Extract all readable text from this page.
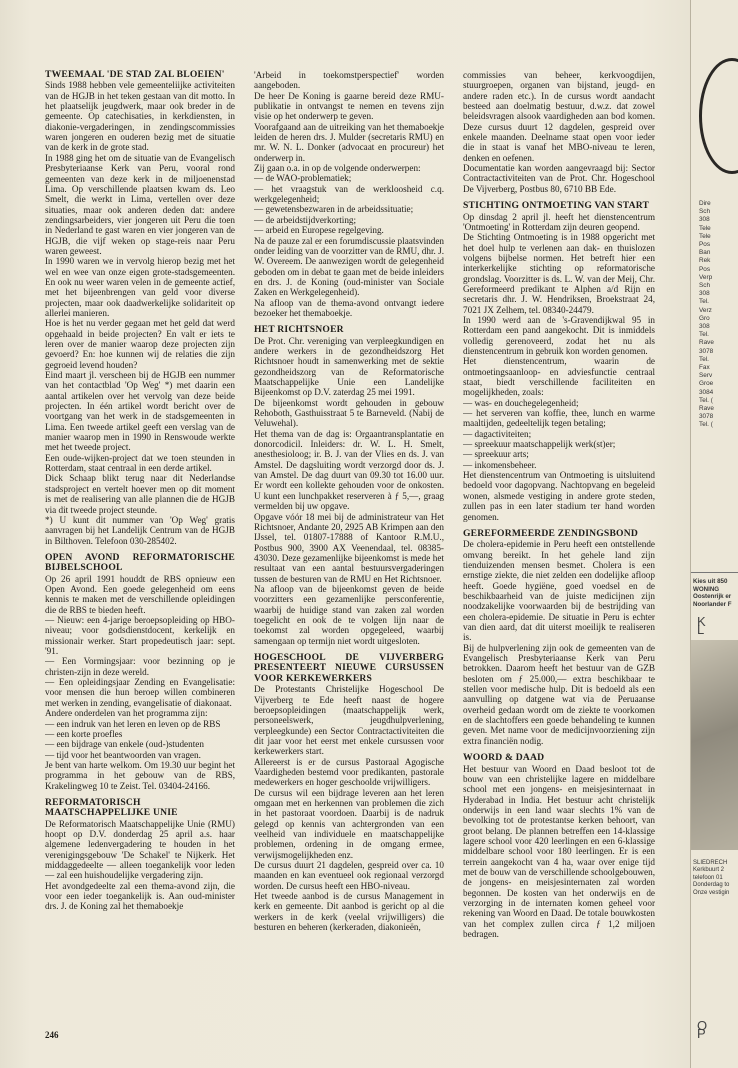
TWEEMAAL 'DE STAD ZAL BLOEIEN'

Sinds 1988 hebben vele gemeenteliijke activiteiten van de HGJB in het teken gestaan van dit motto. In het plaatselijk jeugdwerk, maar ook breder in de gemeente. Op catechisaties, in kerkdiensten, in diakonie-vergaderingen, in zendingscommissies waren jongeren en ouderen bezig met de situatie van de kerk in de grote stad.

In 1988 ging het om de situatie van de Evangelisch Presbyteriaanse Kerk van Peru, vooral rond gemeenten van deze kerk in de miljoenenstad Lima. Op verschillende plaatsen kwam ds. Leo Smelt, die werkt in Lima, vertellen over deze situaties, maar ook anderen deden dat: andere zendingsarbeiders, vier jongeren uit Peru die toen in Nederland te gast waren en vier jongeren van de HGJB, die vijf weken op stage-reis naar Peru waren geweest.

In 1990 waren we in vervolg hierop bezig met het wel en wee van onze eigen grote-stadsgemeenten. En ook nu weer waren velen in de gemeente actief, met het bijeenbrengen van geld voor diverse projecten, maar ook daadwerkelijke solidariteit op allerlei manieren.

Hoe is het nu verder gegaan met het geld dat werd opgehaald in beide projecten? En valt er iets te leren over de manier waarop deze projecten zijn gevoerd? En: hoe kunnen wij de relaties die zijn gegroeid levend houden?

Eind maart jl. verscheen bij de HGJB een nummer van het contactblad 'Op Weg' *) met daarin een aantal artikelen over het vervolg van deze beide projecten. In één artikel wordt bericht over de voortgang van het werk in de stadsgemeenten in Lima. Een tweede artikel geeft een verslag van de manier waarop men in 1990 in Renswoude werkte met het tweede project.

Een oude-wijken-project dat we toen steunden in Rotterdam, staat centraal in een derde artikel.

Dick Schaap blikt terug naar dit Nederlandse stadsproject en vertelt hoever men op dit moment is met de realisering van alle plannen die de HGJB via dit tweede project steunde.

*) U kunt dit nummer van 'Op Weg' gratis aanvragen bij het Landelijk Centrum van de HGJB in Bilthoven. Telefoon 030-285402.

OPEN AVOND REFORMATORISCHE BIJBELSCHOOL

Op 26 april 1991 houddt de RBS opnieuw een Open Avond. Een goede gelegenheid om eens kennis te maken met de verschillende opleidingen die de RBS te bieden heeft.

— Nieuw: een 4-jarige beroepsopleiding op HBO-niveau; voor godsdienstdocent, kerkelijk en missionair werker. Start propedeutisch jaar: sept. '91.

— Een Vormingsjaar: voor bezinning op je christen-zijn in deze wereld.

— Een opleidingsjaar Zending en Evangelisatie: voor mensen die hun beroep willen combineren met werken in zending, evangelisatie of diakonaat.

Andere onderdelen van het programma zijn:

— een indruk van het leren en leven op de RBS

— een korte proefles

— een bijdrage van enkele (oud-)studenten

— tijd voor het beantwoorden van vragen.

Je bent van harte welkom. Om 19.30 uur begint het programma in het gebouw van de RBS, Krakelingweg 10 te Zeist. Tel. 03404-24166.

REFORMATORISCH MAATSCHAPPELIJKE UNIE

De Reformatorisch Maatschappelijke Unie (RMU) hoopt op D.V. donderdag 25 april a.s. haar algemene ledenvergadering te houden in het verenigingsgebouw 'De Schakel' te Nijkerk. Het middaggedeelte — alleen toegankelijk voor leden — zal een huishoudelijke vergadering zijn.

Het avondgedeelte zal een thema-avond zijn, die voor een ieder toegankelijk is. Aan oud-minister drs. J. de Koning zal het themaboekje

'Arbeid in toekomstperspectief' worden aangeboden.

De heer De Koning is gaarne bereid deze RMU-publikatie in ontvangst te nemen en tevens zijn visie op het onderwerp te geven.

Voorafgaand aan de uitreiking van het themaboekje leiden de heren drs. J. Mulder (secretaris RMU) en mr. W. N. L. Donker (advocaat en procureur) het onderwerp in.

Zij gaan o.a. in op de volgende onderwerpen:

— de WAO-problematiek;

— het vraagstuk van de werkloosheid c.q. werkgelegenheid;

— gewetensbezwaren in de arbeidssituatie;

— de arbeidstijdverkorting;

— arbeid en Europese regelgeving.

Na de pauze zal er een forumdiscussie plaatsvinden onder leiding van de voorzitter van de RMU, dhr. J. W. Overeem. De aanwezigen wordt de gelegenheid geboden om in debat te gaan met de beide inleiders en drs. J. de Koning (oud-minister van Sociale Zaken en Werkgelegenheid).

Na afloop van de thema-avond ontvangt iedere bezoeker het themaboekje.

HET RICHTSNOER

De Prot. Chr. vereniging van verpleegkundigen en andere werkers in de gezondheidszorg Het Richtsnoer houdt in samenwerking met de sektie gezondheidszorg van de Reformatorische Maatschappelijke Unie een Landelijke Bijeenkomst op D.V. zaterdag 25 mei 1991.

De bijeenkomst wordt gehouden in gebouw Rehoboth, Gasthuisstraat 5 te Barneveld. (Nabij de Veluwehal).

Het thema van de dag is: Orgaantransplantatie en donorcodicil. Inleiders: dr. W. L. H. Smelt, anesthesioloog; ir. B. J. van der Vlies en ds. J. van Amstel. De dagsluiting wordt verzorgd door ds. J. van Amstel. De dag duurt van 09.30 tot 16.00 uur. Er wordt een kollekte gehouden voor de onkosten. U kunt een lunchpakket reserveren à ƒ 5,—, graag vermelden bij uw opgave.

Opgave vóór 18 mei bij de administrateur van Het Richtsnoer, Andante 20, 2925 AB Krimpen aan den IJssel, tel. 01807-17888 of Kantoor R.M.U., Postbus 900, 3900 AX Veenendaal, tel. 08385-43030. Deze gezamenlijke bijeenkomst is mede het resultaat van een aantal bestuursvergaderingen tussen de besturen van de RMU en Het Richtsnoer.

Na afloop van de bijeenkomst geven de beide voorzitters een gezamenlijke persconferentie, waarbij de huidige stand van zaken zal worden toegelicht en ook de te volgen lijn naar de toekomst zal worden opgegeleed, waarbij samengaan op termijn niet wordt uitgesloten.

HOGESCHOOL DE VIJVERBERG PRESENTEERT NIEUWE CURSUSSEN VOOR KERKEWERKERS

De Protestants Christelijke Hogeschool De Vijverberg te Ede heeft naast de hogere beroepsopleidingen (maatschappelijk werk, personeelswerk, jeugdhulpverlening, verpleegkunde) een Sector Contractactiviteiten die dit jaar voor het eerst met enkele cursussen voor kerkewerkers start.

Allereerst is er de cursus Pastoraal Agogische Vaardigheden bestemd voor predikanten, pastorale medewerkers en hoger geschoolde vrijwilligers.

De cursus wil een bijdrage leveren aan het leren omgaan met en herkennen van problemen die zich in het pastoraat voordoen. Daarbij is de nadruk gelegd op kennis van achtergronden van een veelheid van individuele en maatschappelijke problemen, ordening in de omgang ermee, verwijsmogelijkheden enz.

De cursus duurt 21 dagdelen, gespreid over ca. 10 maanden en kan eventueel ook regionaal verzorgd worden. De cursus heeft een HBO-niveau.

Het tweede aanbod is de cursus Management in kerk en gemeente. Dit aanbod is gericht op al die werkers in de kerk (veelal vrijwilligers) die besturen en beheren (kerkeraden, diakonieën,

commissies van beheer, kerkvoogdijen, stuurgroepen, organen van bijstand, jeugd- en andere raden etc.). In de cursus wordt aandacht besteed aan doelmatig bestuur, d.w.z. dat zowel beleidsvragen alsook vaardigheden aan bod komen. Deze cursus duurt 12 dagdelen, gespreid over enkele maanden. Deelname staat open voor ieder die in staat is vanaf het MBO-niveau te leren, denken en oefenen.

Documentatie kan worden aangevraagd bij: Sector Contractactiviteiten van de Prot. Chr. Hogeschool De Vijverberg, Postbus 80, 6710 BB Ede.

STICHTING ONTMOETING VAN START

Op dinsdag 2 april jl. heeft het dienstencentrum 'Ontmoeting' in Rotterdam zijn deuren geopend.

De Stichting Ontmoeting is in 1988 opgericht met het doel hulp te verlenen aan dak- en thuislozen volgens bijbelse normen. Het betreft hier een interkerkelijke stichting op reformatorische grondslag. Voorzitter is ds. L. W. van der Meij, Chr. Gereformeerd predikant te Alphen a/d Rijn en secretaris dhr. J. W. Hendriksen, Broekstraat 24, 7021 JX Zelhem, tel. 08340-24479.

In 1990 werd aan de 's-Gravendijkwal 95 in Rotterdam een pand aangekocht. Dit is inmiddels volledig gerenoveerd, zodat het nu als dienstencentrum in gebruik kon worden genomen.

Het dienstencentrum, waarin de ontmoetingsaanloop- en adviesfunctie centraal staat, biedt verschillende faciliteiten en mogelijkheden, zoals:

— was- en douchegelegenheid;

— het serveren van koffie, thee, lunch en warme maaltijden, gedeeltelijk tegen betaling;

— dagactiviteiten;

— spreekuur maatschappelijk werk(st)er;

— spreekuur arts;

— inkomensbeheer.

Het dienstencentrum van Ontmoeting is uitsluitend bedoeld voor dagopvang. Nachtopvang en begeleid wonen, alsmede vestiging in andere grote steden, zullen pas in een later stadium ter hand worden genomen.

GEREFORMEERDE ZENDINGSBOND

De cholera-epidemie in Peru heeft een ontstellende omvang bereikt. In het gehele land zijn tienduizenden mensen besmet. Cholera is een ernstige ziekte, die niet zelden een dodelijke afloop heeft. Goede hygiëne, goed voedsel en de beschikbaarheid van de juiste medicijnen zijn noodzakelijke voorwaarden bij de bestrijding van een cholera-epidemie. De situatie in Peru is echter van dien aard, dat dit uiterst moeilijk te realiseren is.

Bij de hulpverlening zijn ook de gemeenten van de Evangelisch Presbyteriaanse Kerk van Peru betrokken. Daarom heeft het bestuur van de GZB besloten om ƒ 25.000,— extra beschikbaar te stellen voor medische hulp. Dit is bedoeld als een aanvulling op datgene wat via de Peruaanse overheid gedaan wordt om de ziekte te voorkomen en de slachtoffers een goede behandeling te kunnen geven. Met name voor de medicijnvoorziening zijn extra financiën nodig.

WOORD & DAAD

Het bestuur van Woord en Daad besloot tot de bouw van een christelijke lagere en middelbare school met een jongens- en meisjesinternaat in Hyderabad in India. Het bestuur acht christelijk onderwijs in een land waar slechts 1% van de bevolking tot de protestantse kerken behoort, van groot belang. De plannen betreffen een 14-klassige lagere school voor 420 leerlingen en een 6-klassige middelbare school voor 180 leerlingen. Er is een terrein aangekocht van 4 ha, waar over enige tijd met de bouw van de verschillende schoolgebouwen, de jongens- en meisjesinternaten zal worden begonnen. De kosten van het onderwijs en de verzorging in de internaten komen geheel voor rekening van Woord en Daad. De totale bouwkosten van het complex zullen circa ƒ 1,2 miljoen bedragen.

246
Dire
Sch
308
Tele
Tele
Pos
Ban
Rek
Pos
Verp
Sch
308
Tel.
Verz
Gro
308
Tel.
Rave
3078
Tel.
Fax
Serv
Groe
3084
Tel. (
Rave
3078
Tel. (
Kies uit 850 WONING Oostenrijk er Noorlander F
K L
SLIEDRECH Kerkbuurt 2 telefoon 01 Donderdag to Onze vestigin
O P
